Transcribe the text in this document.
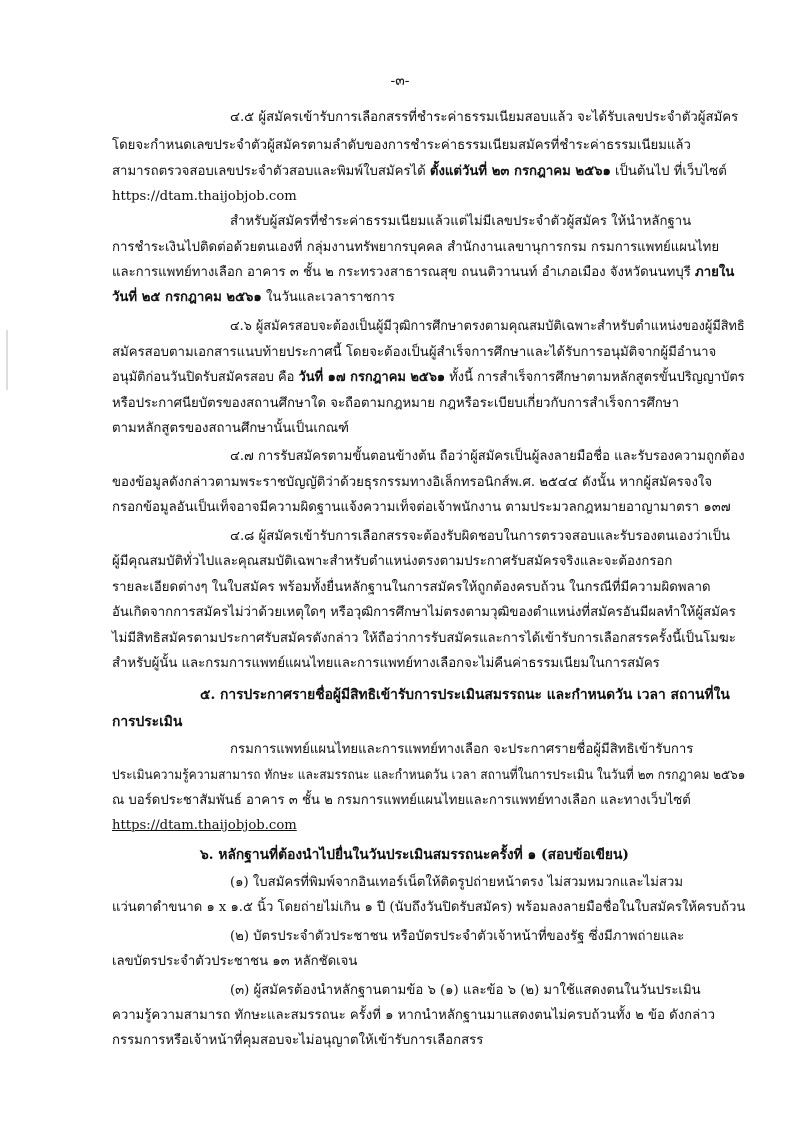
-๓-
๔.๕ ผู้สมัครเข้ารับการเลือกสรรที่ชำระค่าธรรมเนียมสอบแล้ว จะได้รับเลขประจำตัวผู้สมัคร
โดยจะกำหนดเลขประจำตัวผู้สมัครตามลำดับของการชำระค่าธรรมเนียมสมัครที่ชำระค่าธรรมเนียมแล้ว
สามารถตรวจสอบเลขประจำตัวสอบและพิมพ์ใบสมัครได้ ตั้งแต่วันที่ ๒๓ กรกฎาคม ๒๕๖๑ เป็นต้นไป ที่เว็บไซต์
https://dtam.thaijobjob.com
สำหรับผู้สมัครที่ชำระค่าธรรมเนียมแล้วแต่ไม่มีเลขประจำตัวผู้สมัคร ให้นำหลักฐาน
การชำระเงินไปติดต่อด้วยตนเองที่ กลุ่มงานทรัพยากรบุคคล สำนักงานเลขานุการกรม กรมการแพทย์แผนไทย
และการแพทย์ทางเลือก อาคาร ๓ ชั้น ๒ กระทรวงสาธารณสุข ถนนติวานนท์ อำเภอเมือง จังหวัดนนทบุรี ภายใน
วันที่ ๒๕ กรกฎาคม ๒๕๖๑ ในวันและเวลาราชการ
๔.๖ ผู้สมัครสอบจะต้องเป็นผู้มีวุฒิการศึกษาตรงตามคุณสมบัติเฉพาะสำหรับตำแหน่งของผู้มีสิทธิ
สมัครสอบตามเอกสารแนบท้ายประกาศนี้ โดยจะต้องเป็นผู้สำเร็จการศึกษาและได้รับการอนุมัติจากผู้มีอำนาจ
อนุมัติก่อนวันปิดรับสมัครสอบ คือ วันที่ ๑๗ กรกฎาคม ๒๕๖๑ ทั้งนี้ การสำเร็จการศึกษาตามหลักสูตรขั้นปริญญาบัตร
หรือประกาศนียบัตรของสถานศึกษาใด จะถือตามกฎหมาย กฎหรือระเบียบเกี่ยวกับการสำเร็จการศึกษา
ตามหลักสูตรของสถานศึกษานั้นเป็นเกณฑ์
๔.๗ การรับสมัครตามขั้นตอนข้างต้น ถือว่าผู้สมัครเป็นผู้ลงลายมือชื่อ และรับรองความถูกต้อง
ของข้อมูลดังกล่าวตามพระราชบัญญัติว่าด้วยธุรกรรมทางอิเล็กทรอนิกส์พ.ศ. ๒๕๔๔ ดังนั้น หากผู้สมัครจงใจ
กรอกข้อมูลอันเป็นเท็จอาจมีความผิดฐานแจ้งความเท็จต่อเจ้าพนักงาน ตามประมวลกฎหมายอาญามาตรา ๑๓๗
๔.๘ ผู้สมัครเข้ารับการเลือกสรรจะต้องรับผิดชอบในการตรวจสอบและรับรองตนเองว่าเป็น
ผู้มีคุณสมบัติทั่วไปและคุณสมบัติเฉพาะสำหรับตำแหน่งตรงตามประกาศรับสมัครจริงและจะต้องกรอก
รายละเอียดต่างๆ ในใบสมัคร พร้อมทั้งยื่นหลักฐานในการสมัครให้ถูกต้องครบถ้วน ในกรณีที่มีความผิดพลาด
อันเกิดจากการสมัครไม่ว่าด้วยเหตุใดๆ หรือวุฒิการศึกษาไม่ตรงตามวุฒิของตำแหน่งที่สมัครอันมีผลทำให้ผู้สมัคร
ไม่มีสิทธิสมัครตามประกาศรับสมัครดังกล่าว ให้ถือว่าการรับสมัครและการได้เข้ารับการเลือกสรรครั้งนี้เป็นโมฆะ
สำหรับผู้นั้น และกรมการแพทย์แผนไทยและการแพทย์ทางเลือกจะไม่คืนค่าธรรมเนียมในการสมัคร
๕. การประกาศรายชื่อผู้มีสิทธิเข้ารับการประเมินสมรรถนะ และกำหนดวัน เวลา สถานที่ใน
การประเมิน
กรมการแพทย์แผนไทยและการแพทย์ทางเลือก จะประกาศรายชื่อผู้มีสิทธิเข้ารับการ
ประเมินความรู้ความสามารถ ทักษะ และสมรรถนะ และกำหนดวัน เวลา สถานที่ในการประเมิน ในวันที่ ๒๓ กรกฎาคม ๒๕๖๑
ณ บอร์ดประชาสัมพันธ์ อาคาร ๓ ชั้น ๒ กรมการแพทย์แผนไทยและการแพทย์ทางเลือก และทางเว็บไซต์
https://dtam.thaijobjob.com
๖. หลักฐานที่ต้องนำไปยื่นในวันประเมินสมรรถนะครั้งที่ ๑ (สอบข้อเขียน)
(๑) ใบสมัครที่พิมพ์จากอินเทอร์เน็ตให้ติดรูปถ่ายหน้าตรง ไม่สวมหมวกและไม่สวม
แว่นตาดำขนาด ๑ x ๑.๕ นิ้ว โดยถ่ายไม่เกิน ๑ ปี (นับถึงวันปิดรับสมัคร) พร้อมลงลายมือชื่อในใบสมัครให้ครบถ้วน
(๒) บัตรประจำตัวประชาชน หรือบัตรประจำตัวเจ้าหน้าที่ของรัฐ ซึ่งมีภาพถ่ายและ
เลขบัตรประจำตัวประชาชน ๑๓ หลักชัดเจน
(๓) ผู้สมัครต้องนำหลักฐานตามข้อ ๖ (๑) และข้อ ๖ (๒) มาใช้แสดงตนในวันประเมิน
ความรู้ความสามารถ ทักษะและสมรรถนะ ครั้งที่ ๑ หากนำหลักฐานมาแสดงตนไม่ครบถ้วนทั้ง ๒ ข้อ ดังกล่าว
กรรมการหรือเจ้าหน้าที่คุมสอบจะไม่อนุญาตให้เข้ารับการเลือกสรร
